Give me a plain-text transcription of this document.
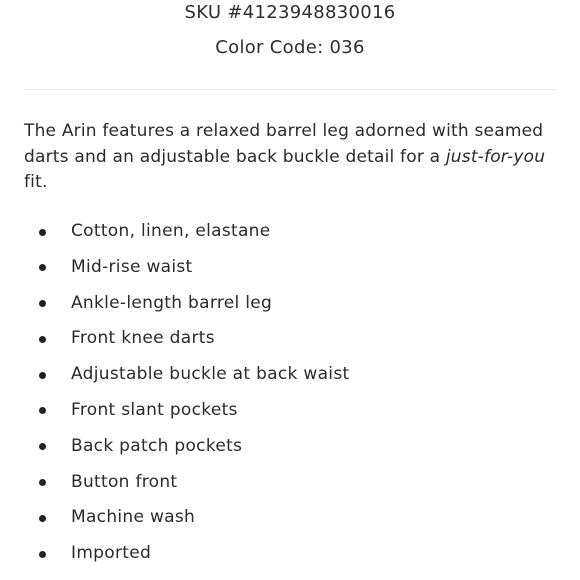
SKU #4123948830016
Color Code: 036

The Arin features a relaxed barrel leg adorned with seamed darts and an adjustable back buckle detail for a just-for-you fit.

Cotton, linen, elastane
Mid-rise waist
Ankle-length barrel leg
Front knee darts
Adjustable buckle at back waist
Front slant pockets
Back patch pockets
Button front
Machine wash
Imported
